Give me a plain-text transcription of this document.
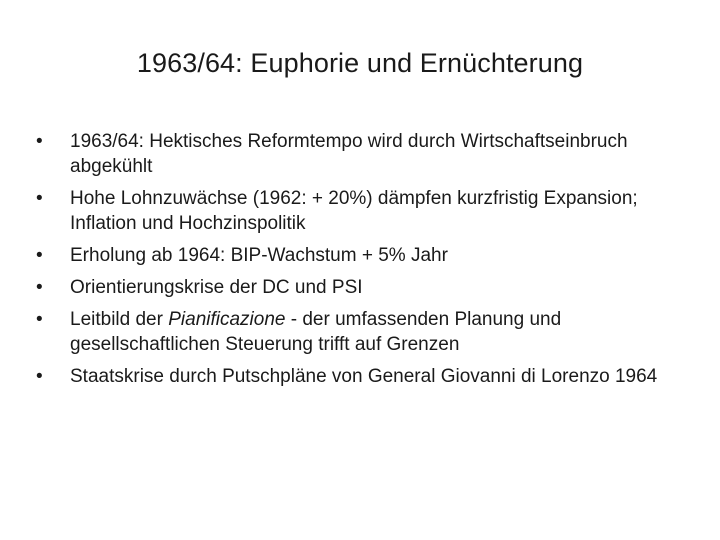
1963/64: Euphorie und Ernüchterung
•	1963/64: Hektisches Reformtempo wird durch Wirtschaftseinbruch abgekühlt
•	Hohe Lohnzuwächse (1962: + 20%) dämpfen kurzfristig Expansion; Inflation und Hochzinspolitik
•	Erholung ab 1964: BIP-Wachstum + 5% Jahr
•	Orientierungskrise der DC und PSI
•	Leitbild der Pianificazione - der umfassenden Planung und gesellschaftlichen Steuerung trifft auf Grenzen
•	Staatskrise durch Putschpläne von General Giovanni di Lorenzo 1964
